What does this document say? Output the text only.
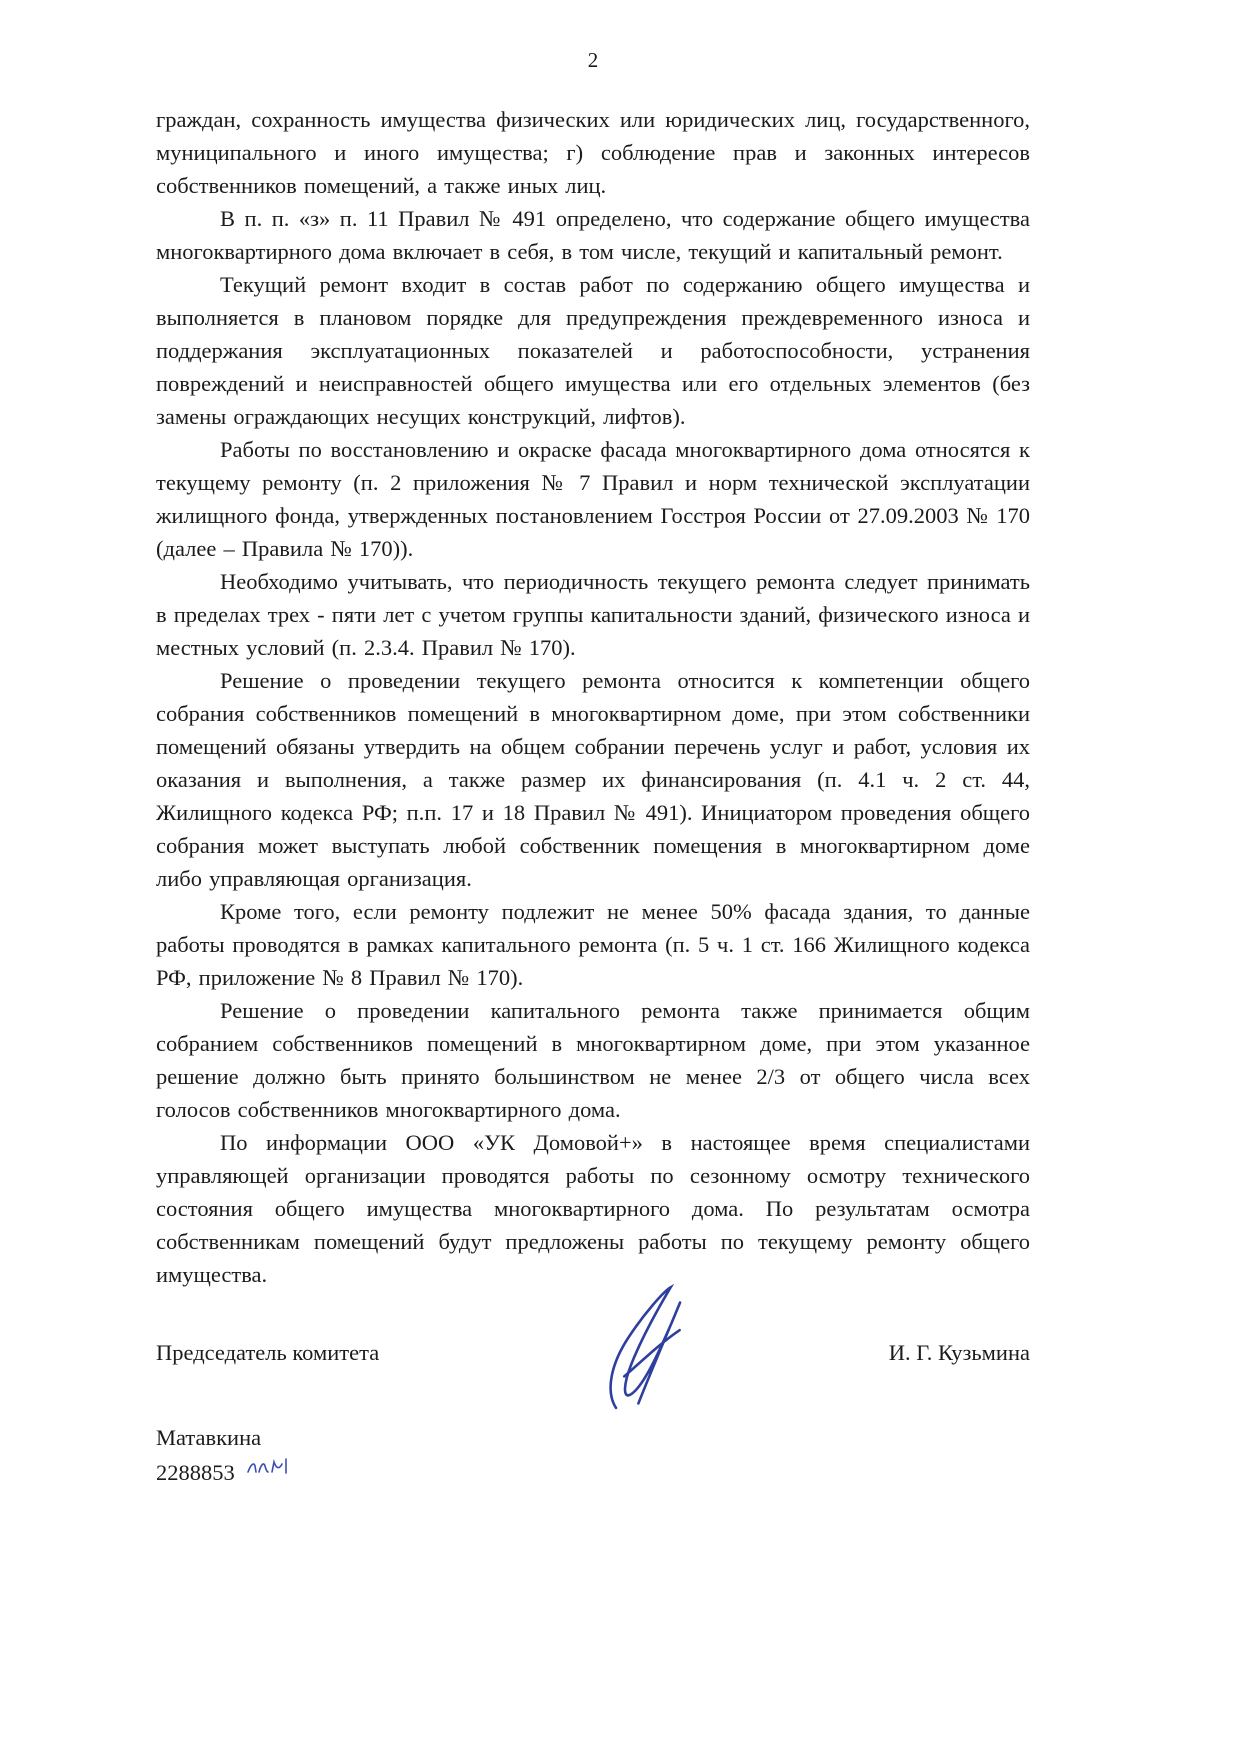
2

граждан, сохранность имущества физических или юридических лиц, государственного, муниципального и иного имущества; г) соблюдение прав и законных интересов собственников помещений, а также иных лиц.

В п. п. «з» п. 11 Правил № 491 определено, что содержание общего имущества многоквартирного дома включает в себя, в том числе, текущий и капитальный ремонт.

Текущий ремонт входит в состав работ по содержанию общего имущества и выполняется в плановом порядке для предупреждения преждевременного износа и поддержания эксплуатационных показателей и работоспособности, устранения повреждений и неисправностей общего имущества или его отдельных элементов (без замены ограждающих несущих конструкций, лифтов).

Работы по восстановлению и окраске фасада многоквартирного дома относятся к текущему ремонту (п. 2 приложения № 7 Правил и норм технической эксплуатации жилищного фонда, утвержденных постановлением Госстроя России от 27.09.2003 № 170 (далее – Правила № 170)).

Необходимо учитывать, что периодичность текущего ремонта следует принимать в пределах трех - пяти лет с учетом группы капитальности зданий, физического износа и местных условий (п. 2.3.4. Правил № 170).

Решение о проведении текущего ремонта относится к компетенции общего собрания собственников помещений в многоквартирном доме, при этом собственники помещений обязаны утвердить на общем собрании перечень услуг и работ, условия их оказания и выполнения, а также размер их финансирования (п. 4.1 ч. 2 ст. 44, Жилищного кодекса РФ; п.п. 17 и 18 Правил № 491). Инициатором проведения общего собрания может выступать любой собственник помещения в многоквартирном доме либо управляющая организация.

Кроме того, если ремонту подлежит не менее 50% фасада здания, то данные работы проводятся в рамках капитального ремонта (п. 5 ч. 1 ст. 166 Жилищного кодекса РФ, приложение № 8 Правил № 170).

Решение о проведении капитального ремонта также принимается общим собранием собственников помещений в многоквартирном доме, при этом указанное решение должно быть принято большинством не менее 2/3 от общего числа всех голосов собственников многоквартирного дома.

По информации ООО «УК Домовой+» в настоящее время специалистами управляющей организации проводятся работы по сезонному осмотру технического состояния общего имущества многоквартирного дома. По результатам осмотра собственникам помещений будут предложены работы по текущему ремонту общего имущества.

Председатель комитета	И. Г. Кузьмина
Матавкина
2288853
